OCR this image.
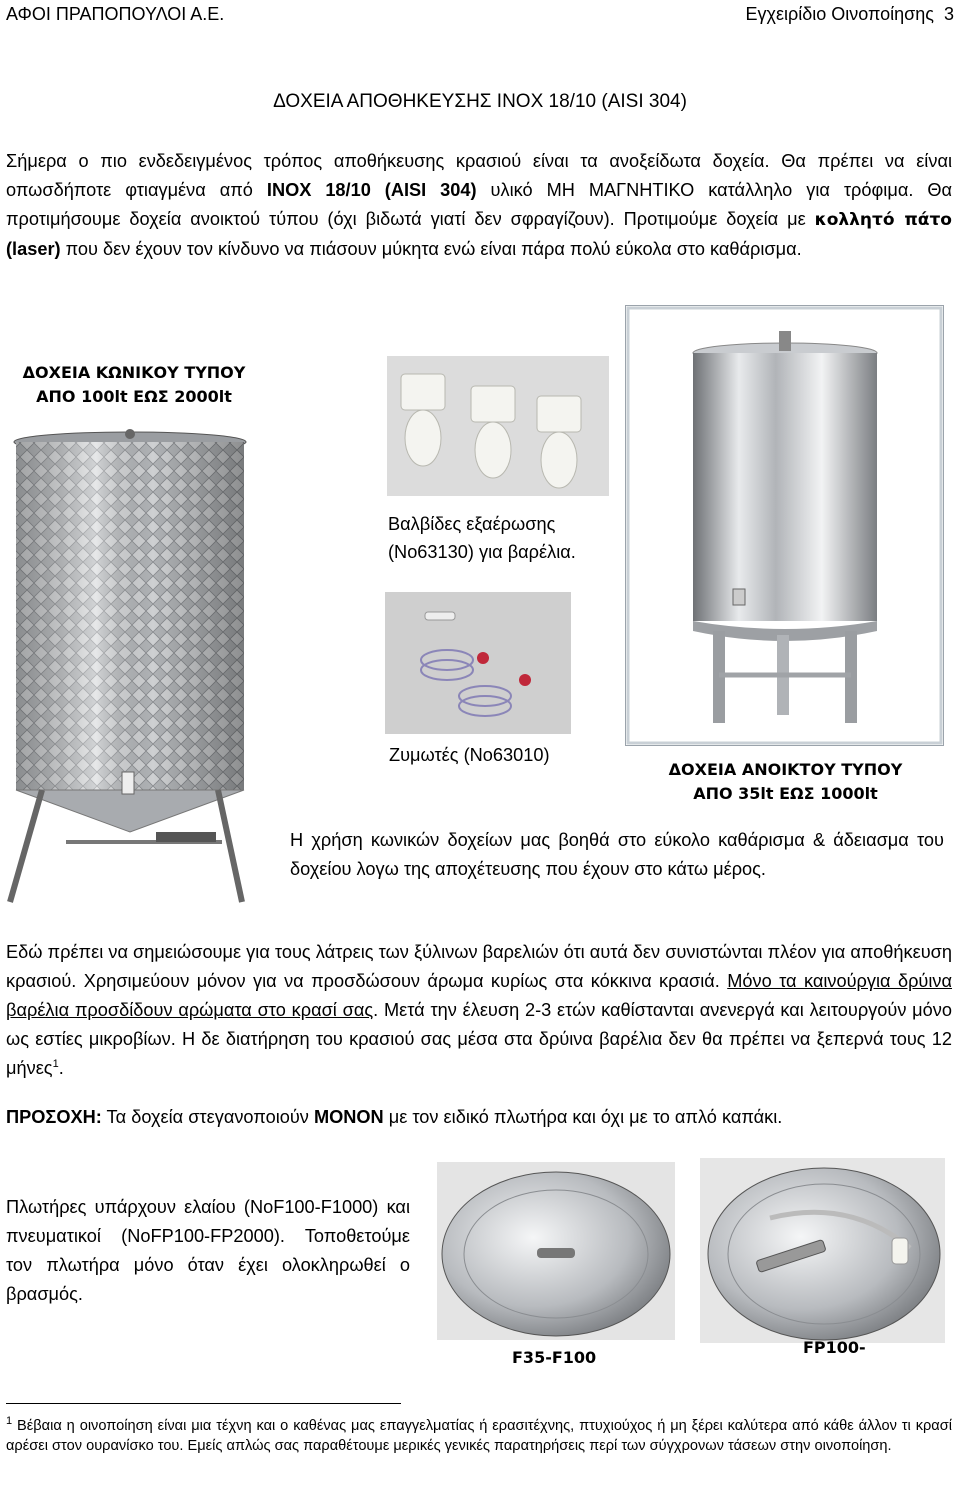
ΑΦΟΙ ΠΡΑΠΟΠΟΥΛΟΙ Α.Ε.	Εγχειρίδιο Οινοποίησης 3
ΔΟΧΕΙΑ ΑΠΟΘΗΚΕΥΣΗΣ INOX 18/10 (AISI 304)
Σήμερα ο πιο ενδεδειγμένος τρόπος αποθήκευσης κρασιού είναι τα ανοξείδωτα δοχεία. Θα πρέπει να είναι οπωσδήποτε φτιαγμένα από INOX 18/10 (AISI 304) υλικό ΜΗ ΜΑΓΝΗΤΙΚΟ κατάλληλο για τρόφιμα. Θα προτιμήσουμε δοχεία ανοικτού τύπου (όχι βιδωτά γιατί δεν σφραγίζουν). Προτιμούμε δοχεία με κολλητό πάτο (laser) που δεν έχουν τον κίνδυνο να πιάσουν μύκητα ενώ είναι πάρα πολύ εύκολα στο καθάρισμα.
ΔΟΧΕΙΑ ΚΩΝΙΚΟΥ ΤΥΠΟΥ
ΑΠΟ 100lt ΕΩΣ 2000lt
Βαλβίδες εξαέρωσης
(No63130) για βαρέλια.
Ζυμωτές (No63010)
ΔΟΧΕΙΑ ΑΝΟΙΚΤΟΥ ΤΥΠΟΥ
ΑΠΟ 35lt ΕΩΣ 1000lt
Η χρήση κωνικών δοχείων μας βοηθά στο εύκολο καθάρισμα & άδειασμα του δοχείου λογω της αποχέτευσης που έχουν στο κάτω μέρος.
Εδώ πρέπει να σημειώσουμε για τους λάτρεις των ξύλινων βαρελιών ότι αυτά δεν συνιστώνται πλέον για αποθήκευση κρασιού. Χρησιμεύουν μόνον για να προσδώσουν άρωμα κυρίως στα κόκκινα κρασιά. Μόνο τα καινούργια δρύινα βαρέλια προσδίδουν αρώματα στο κρασί σας. Μετά την έλευση 2-3 ετών καθίστανται ανενεργά και λειτουργούν μόνο ως εστίες μικροβίων. Η δε διατήρηση του κρασιού σας μέσα στα δρύινα βαρέλια δεν θα πρέπει να ξεπερνά τους 12 μήνες$^1$.
ΠΡΟΣΟΧΗ: Τα δοχεία στεγανοποιούν ΜΟΝΟΝ με τον ειδικό πλωτήρα και όχι με το απλό καπάκι.
Πλωτήρες υπάρχουν ελαίου (NoF100-F1000) και πνευματικοί (NoFP100-FP2000). Τοποθετούμε τον πλωτήρα μόνο όταν έχει ολοκληρωθεί ο βρασμός.
F35-F100
FP100-
$^1$ Βέβαια η οινοποίηση είναι μια τέχνη και ο καθένας μας επαγγελματίας ή ερασιτέχνης, πτυχιούχος ή μη ξέρει καλύτερα από κάθε άλλον τι κρασί αρέσει στον ουρανίσκο του. Εμείς απλώς σας παραθέτουμε μερικές γενικές παρατηρήσεις περί των σύγχρονων τάσεων στην οινοποίηση.
